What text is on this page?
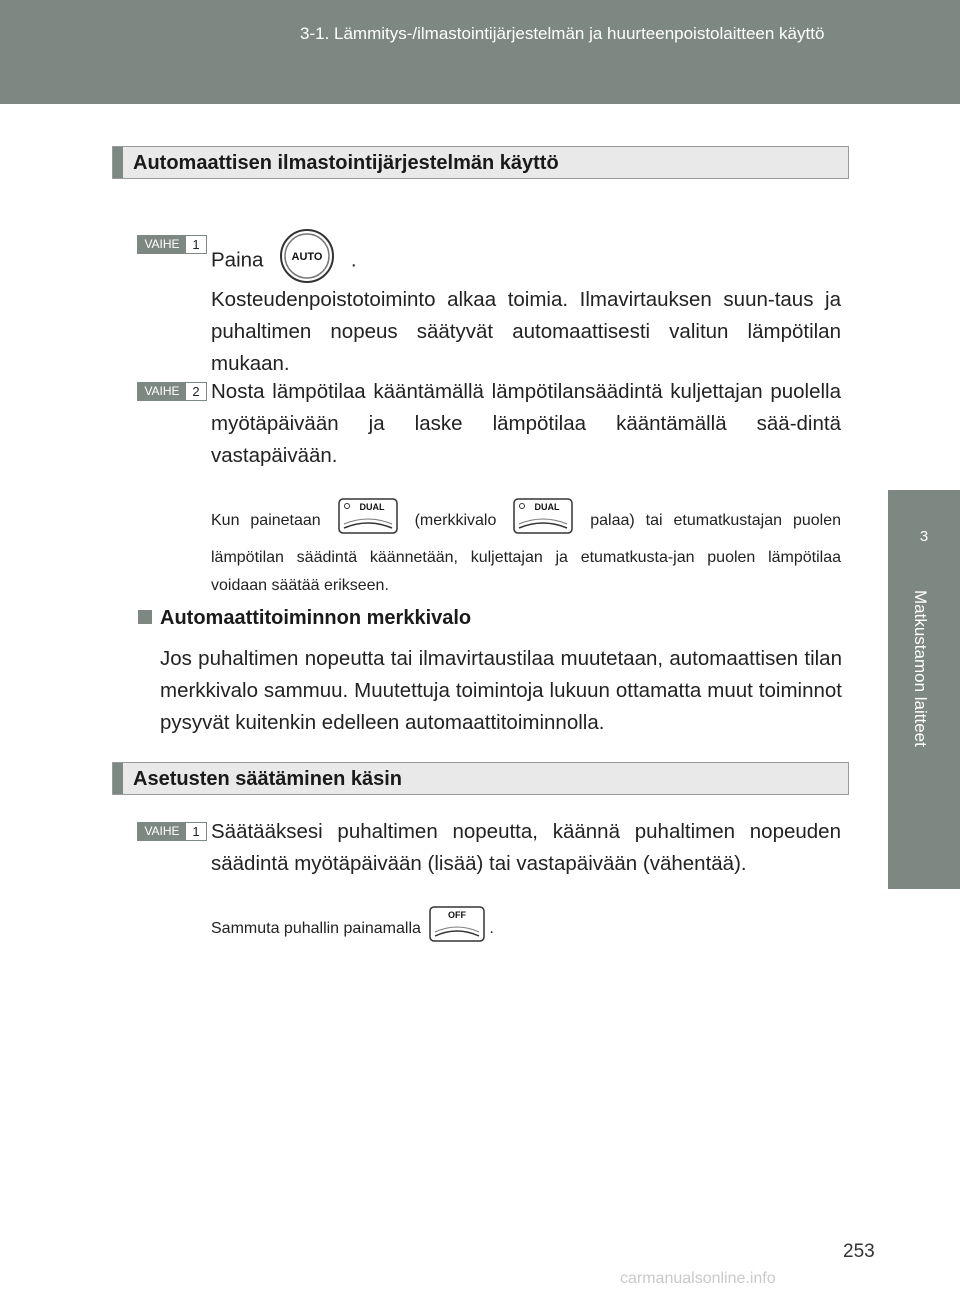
3-1. Lämmitys-/ilmastointijärjestelmän ja huurteenpoistolaitteen käyttö
3
Matkustamon laitteet
Automaattisen ilmastointijärjestelmän käyttö
VAIHE 1
Paina	AUTO .
Kosteudenpoistotoiminto alkaa toimia. Ilmavirtauksen suun-taus ja puhaltimen nopeus säätyvät automaattisesti valitun lämpötilan mukaan.
VAIHE 2 Nosta lämpötilaa kääntämällä lämpötilansäädintä kuljettajan puolella myötäpäivään ja laske lämpötilaa kääntämällä sää-dintä vastapäivään.
Kun painetaan
DUAL
(merkkivalo
DUAL
palaa) tai etumatkustajan puolen lämpötilan säädintä käännetään, kuljettajan ja etumatkusta-jan puolen lämpötilaa voidaan säätää erikseen.
Automaattitoiminnon merkkivalo
Jos puhaltimen nopeutta tai ilmavirtaustilaa muutetaan, automaattisen tilan merkkivalo sammuu. Muutettuja toimintoja lukuun ottamatta muut toiminnot pysyvät kuitenkin edelleen automaattitoiminnolla.
Asetusten säätäminen käsin
VAIHE 1 Säätääksesi puhaltimen nopeutta, käännä puhaltimen nopeuden säädintä myötäpäivään (lisää) tai vastapäivään (vähentää).
Sammuta puhallin painamalla
OFF
.
253
carmanualsonline.info
